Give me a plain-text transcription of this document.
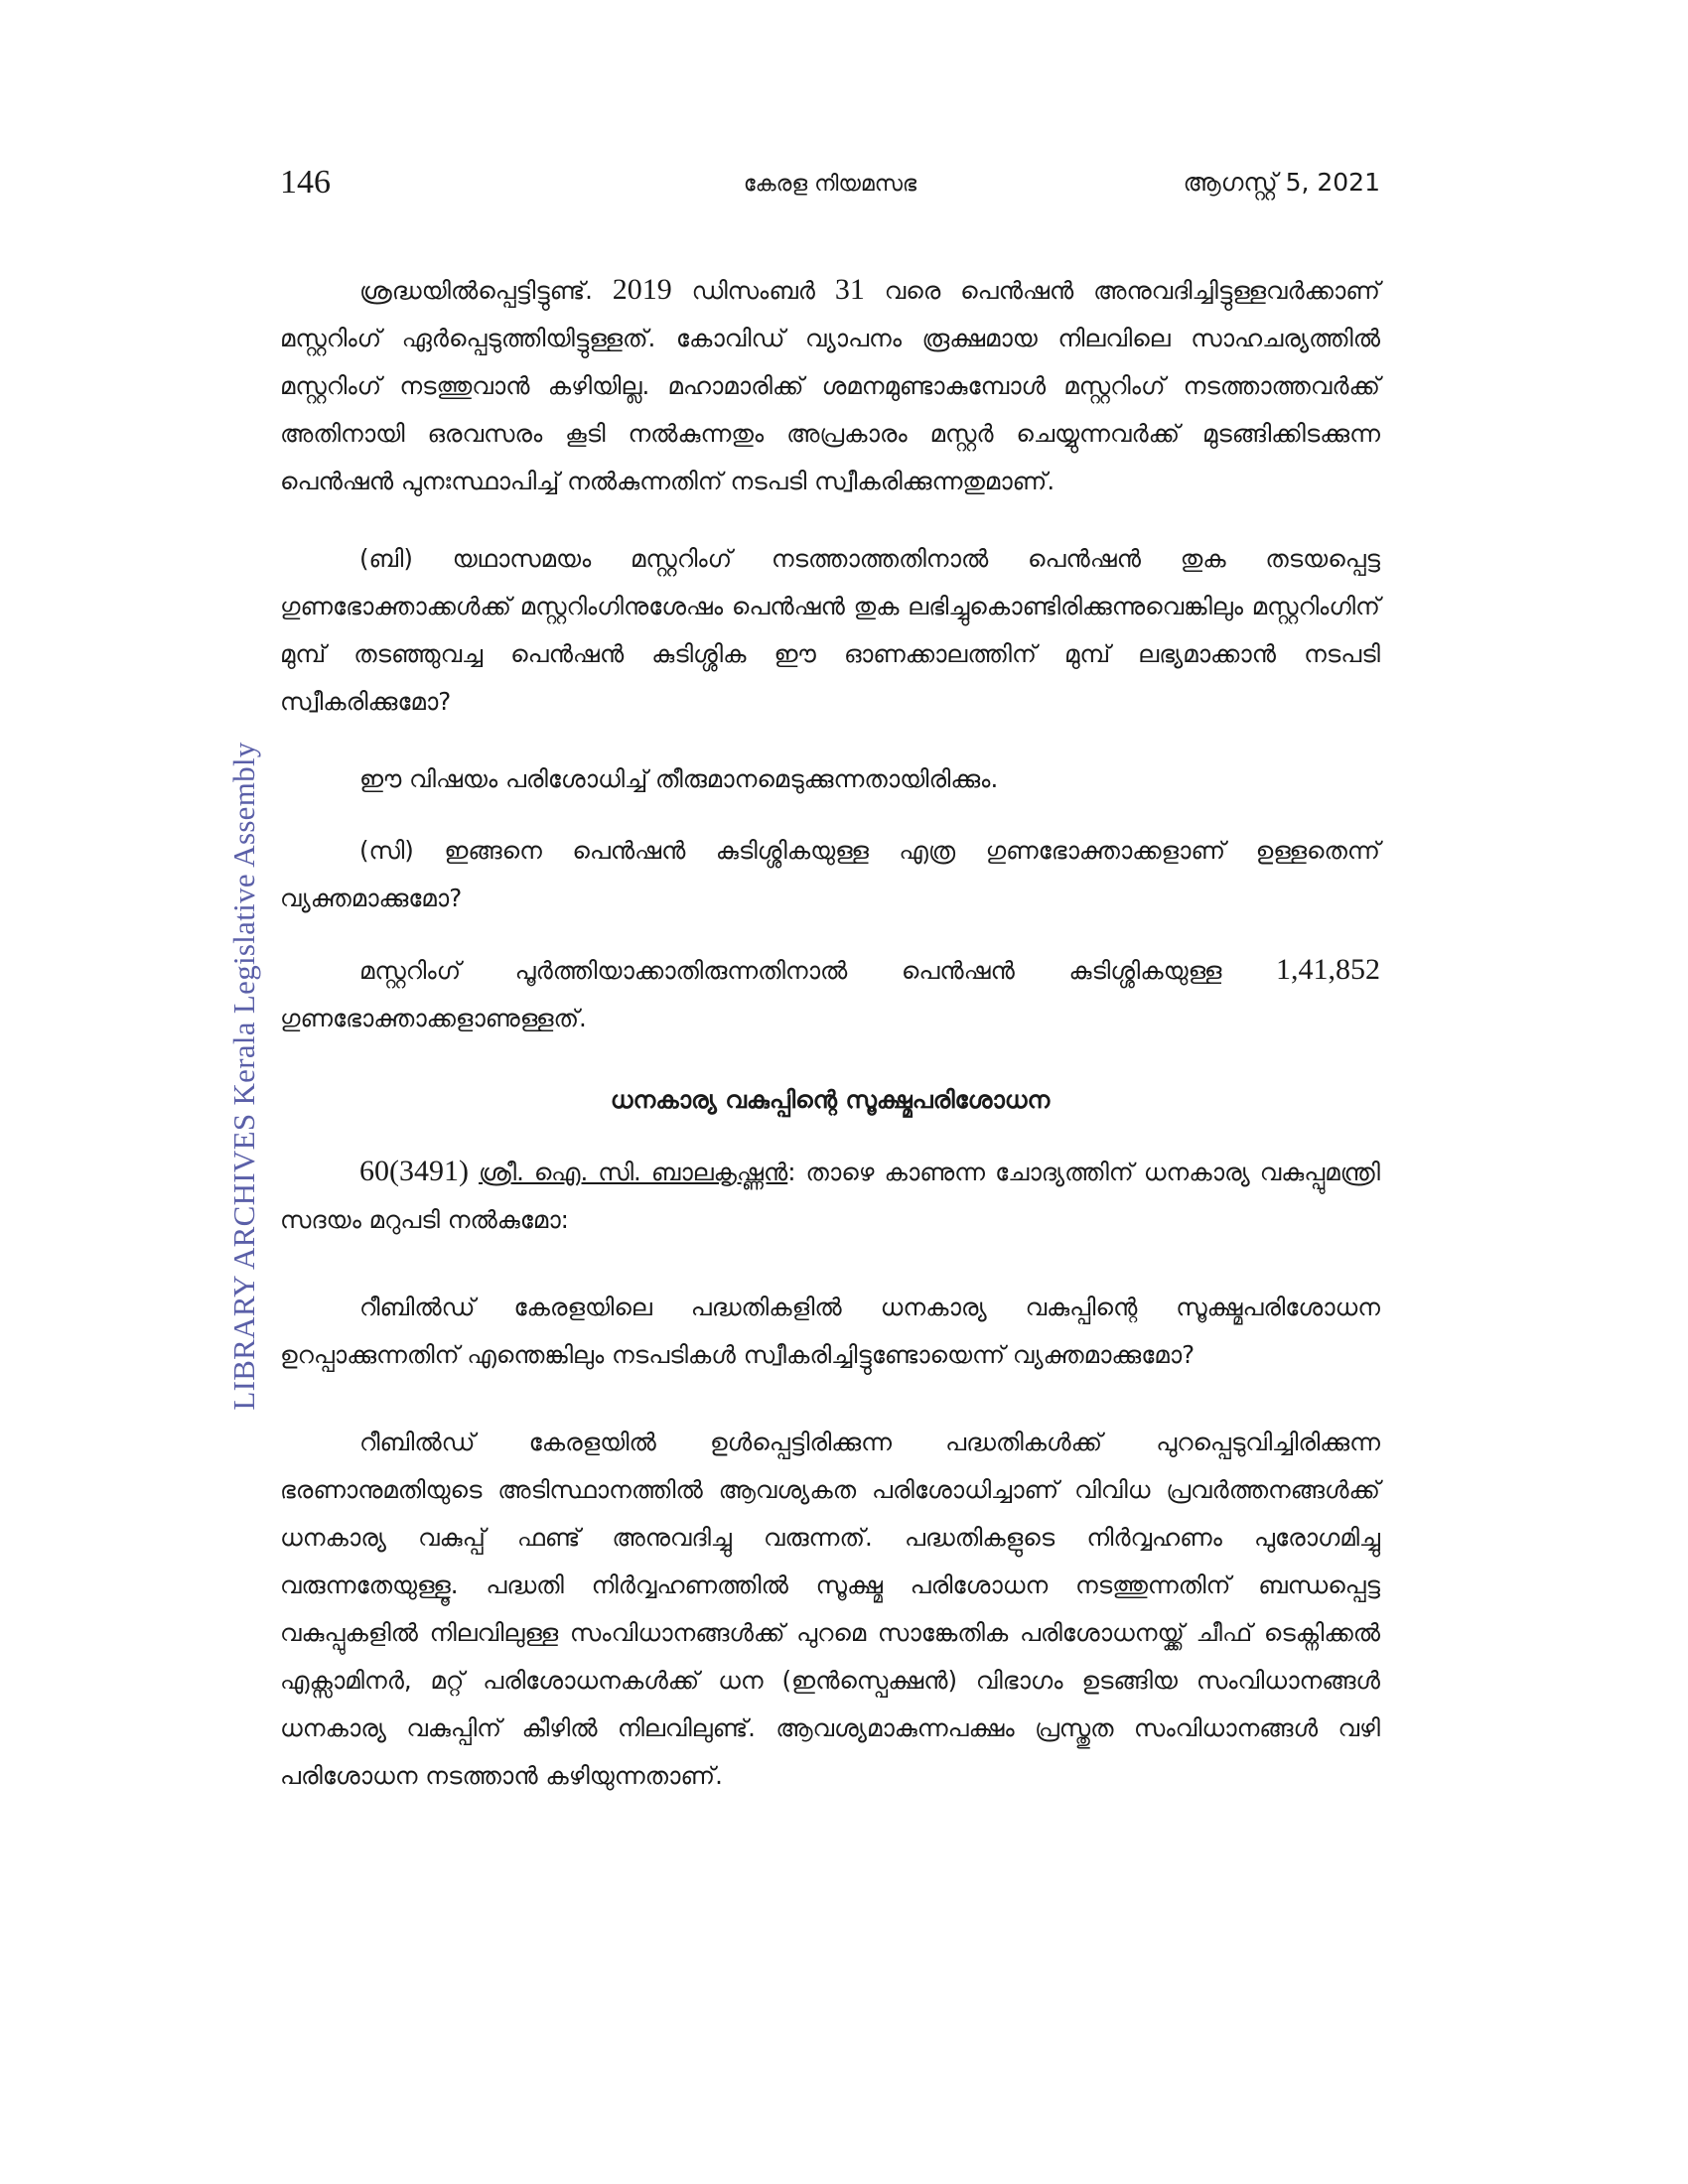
146	കേരള നിയമസഭ	ആഗസ്റ്റ് 5, 2021
LIBRARY ARCHIVES Kerala Legislative Assembly

ശ്രദ്ധയിൽപ്പെട്ടിട്ടുണ്ട്. 2019 ഡിസംബർ 31 വരെ പെൻഷൻ അനുവദിച്ചിട്ടുള്ളവർക്കാണ് മസ്റ്ററിംഗ് ഏർപ്പെടുത്തിയിട്ടുള്ളത്. കോവിഡ് വ്യാപനം രൂക്ഷമായ നിലവിലെ സാഹചര്യത്തിൽ മസ്റ്ററിംഗ് നടത്തുവാൻ കഴിയില്ല. മഹാമാരിക്ക് ശമനമുണ്ടാകുമ്പോൾ മസ്റ്ററിംഗ് നടത്താത്തവർക്ക് അതിനായി ഒരവസരം കൂടി നൽകുന്നതും അപ്രകാരം മസ്റ്റർ ചെയ്യുന്നവർക്ക് മുടങ്ങിക്കിടക്കുന്ന പെൻഷൻ പുനഃസ്ഥാപിച്ച് നൽകുന്നതിന് നടപടി സ്വീകരിക്കുന്നതുമാണ്.

(ബി) യഥാസമയം മസ്റ്ററിംഗ് നടത്താത്തതിനാൽ പെൻഷൻ തുക തടയപ്പെട്ട ഗുണഭോക്താക്കൾക്ക് മസ്റ്ററിംഗിനുശേഷം പെൻഷൻ തുക ലഭിച്ചുകൊണ്ടിരിക്കുന്നുവെങ്കിലും മസ്റ്ററിംഗിന് മുമ്പ് തടഞ്ഞുവച്ച പെൻഷൻ കുടിശ്ശിക ഈ ഓണക്കാലത്തിന് മുമ്പ് ലഭ്യമാക്കാൻ നടപടി സ്വീകരിക്കുമോ?

ഈ വിഷയം പരിശോധിച്ച് തീരുമാനമെടുക്കുന്നതായിരിക്കും.

(സി) ഇങ്ങനെ പെൻഷൻ കുടിശ്ശികയുള്ള എത്ര ഗുണഭോക്താക്കളാണ് ഉള്ളതെന്ന് വ്യക്തമാക്കുമോ?

മസ്റ്ററിംഗ് പൂർത്തിയാക്കാതിരുന്നതിനാൽ പെൻഷൻ കുടിശ്ശികയുള്ള 1,41,852 ഗുണഭോക്താക്കളാണുള്ളത്.

ധനകാര്യ വകുപ്പിന്റെ സൂക്ഷ്മപരിശോധന

60(3491) ശ്രീ. ഐ. സി. ബാലകൃഷ്ണൻ: താഴെ കാണുന്ന ചോദ്യത്തിന് ധനകാര്യ വകുപ്പുമന്ത്രി സദയം മറുപടി നൽകുമോ:

റീബിൽഡ് കേരളയിലെ പദ്ധതികളിൽ ധനകാര്യ വകുപ്പിന്റെ സൂക്ഷ്മപരിശോധന ഉറപ്പാക്കുന്നതിന് എന്തെങ്കിലും നടപടികൾ സ്വീകരിച്ചിട്ടുണ്ടോയെന്ന് വ്യക്തമാക്കുമോ?

റീബിൽഡ് കേരളയിൽ ഉൾപ്പെട്ടിരിക്കുന്ന പദ്ധതികൾക്ക് പുറപ്പെടുവിച്ചിരിക്കുന്ന ഭരണാനുമതിയുടെ അടിസ്ഥാനത്തിൽ ആവശ്യകത പരിശോധിച്ചാണ് വിവിധ പ്രവർത്തനങ്ങൾക്ക് ധനകാര്യ വകുപ്പ് ഫണ്ട് അനുവദിച്ചു വരുന്നത്. പദ്ധതികളുടെ നിർവ്വഹണം പുരോഗമിച്ചു വരുന്നതേയുള്ളൂ. പദ്ധതി നിർവ്വഹണത്തിൽ സൂക്ഷ്മ പരിശോധന നടത്തുന്നതിന് ബന്ധപ്പെട്ട വകുപ്പുകളിൽ നിലവിലുള്ള സംവിധാനങ്ങൾക്ക് പുറമെ സാങ്കേതിക പരിശോധനയ്ക്ക് ചീഫ് ടെക്നിക്കൽ എക്സാമിനർ, മറ്റ് പരിശോധനകൾക്ക് ധന (ഇൻസ്പെക്ഷൻ) വിഭാഗം ഉടങ്ങിയ സംവിധാനങ്ങൾ ധനകാര്യ വകുപ്പിന് കീഴിൽ നിലവിലുണ്ട്. ആവശ്യമാകുന്നപക്ഷം പ്രസ്തുത സംവിധാനങ്ങൾ വഴി പരിശോധന നടത്താൻ കഴിയുന്നതാണ്.
